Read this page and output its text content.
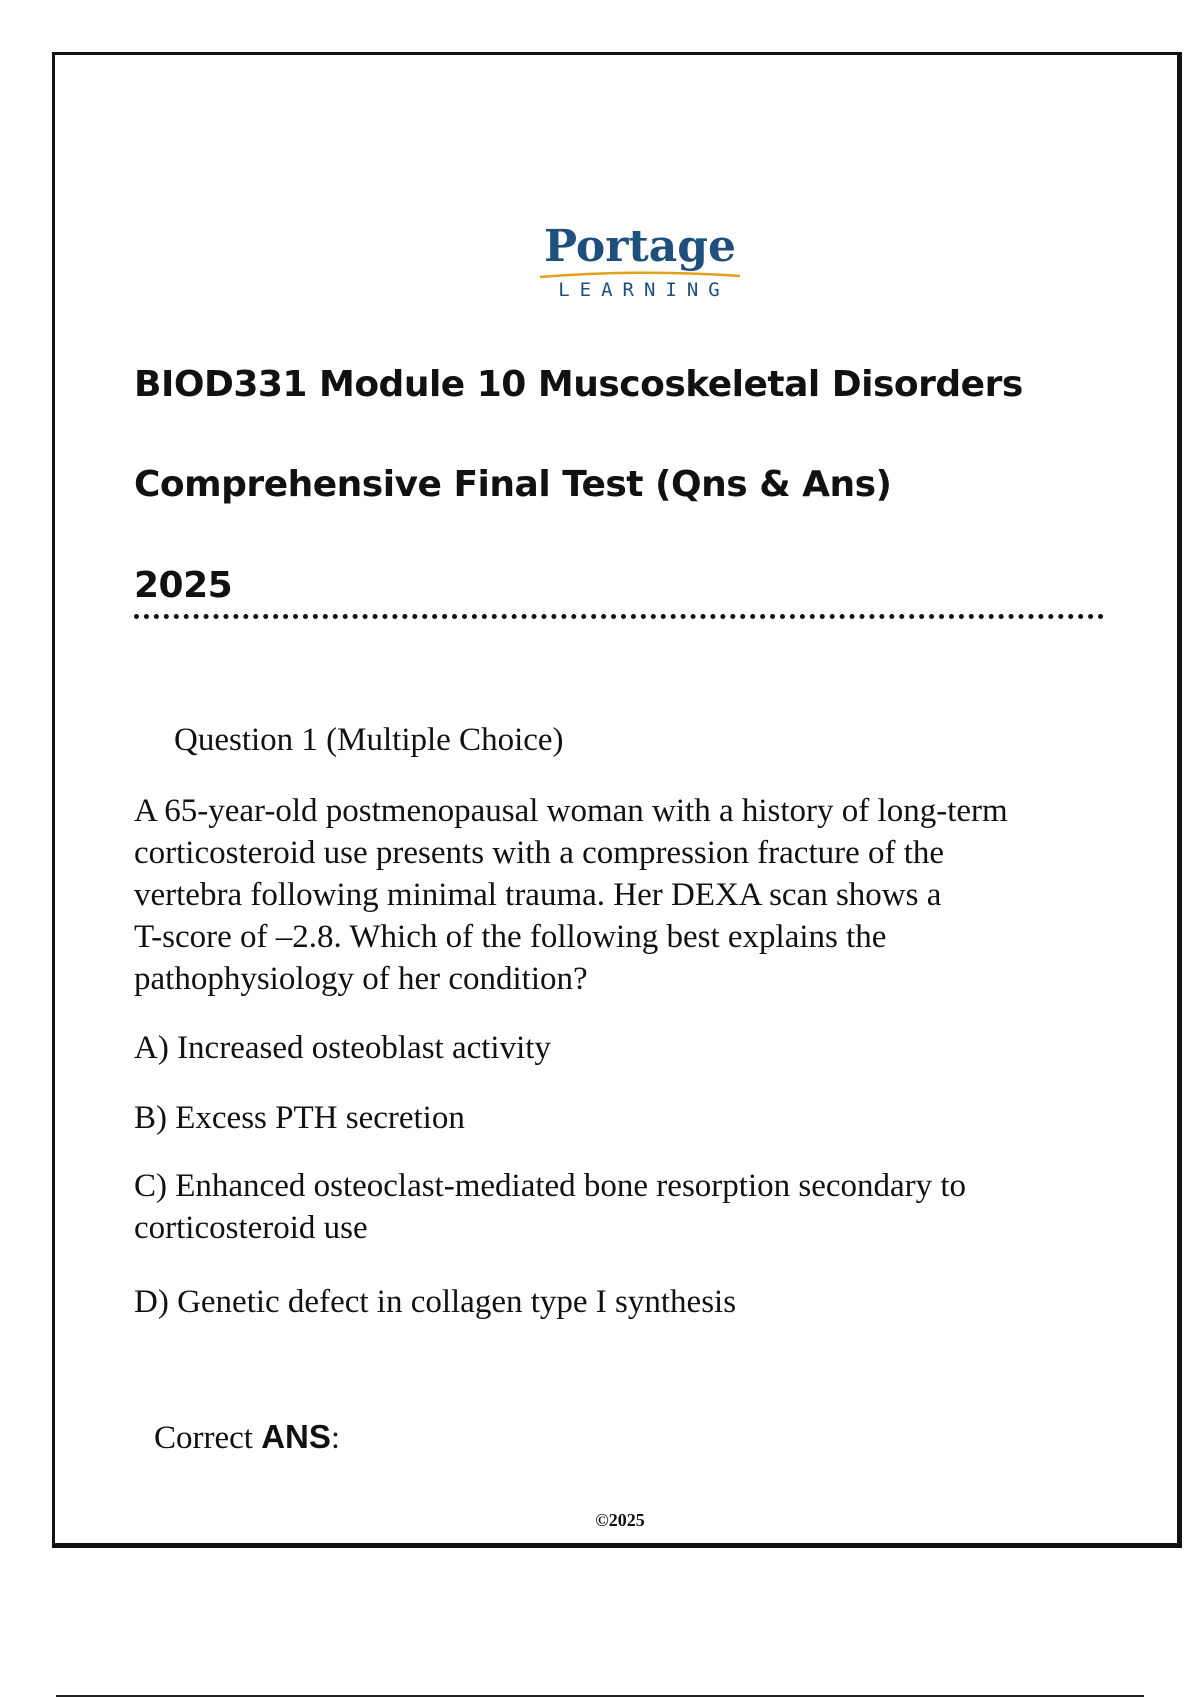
Portage
LEARNING
BIOD331 Module 10 Muscoskeletal Disorders
Comprehensive Final Test (Qns & Ans)
2025
Question 1 (Multiple Choice)
A 65-year-old postmenopausal woman with a history of long-term
corticosteroid use presents with a compression fracture of the
vertebra following minimal trauma. Her DEXA scan shows a
T-score of –2.8. Which of the following best explains the
pathophysiology of her condition?
A) Increased osteoblast activity
B) Excess PTH secretion
C) Enhanced osteoclast-mediated bone resorption secondary to
corticosteroid use
D) Genetic defect in collagen type I synthesis
Correct ANS:
©2025
